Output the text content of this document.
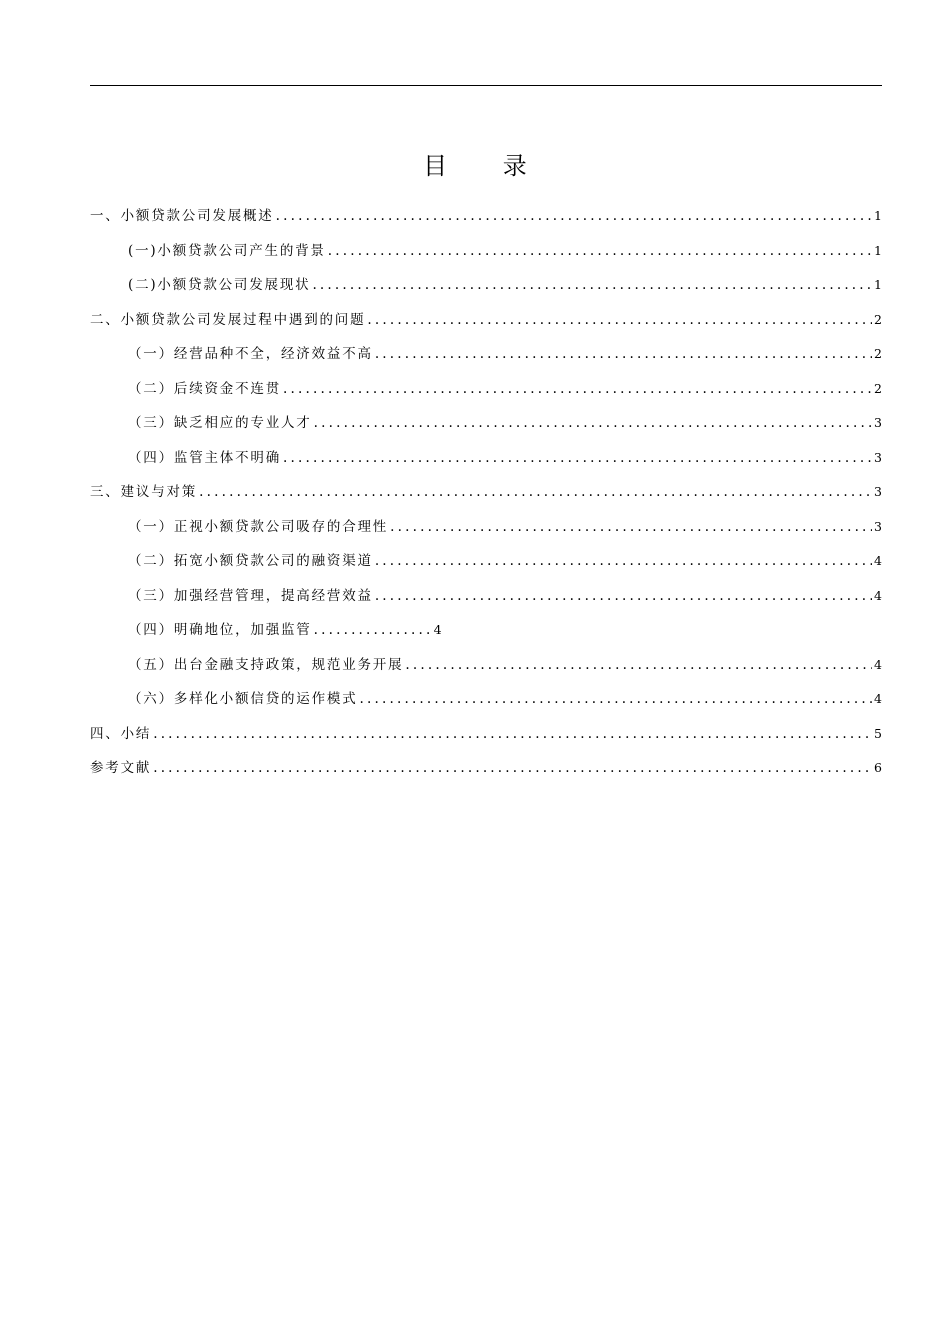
目 录
一、小额贷款公司发展概述 .....	1
(一)小额贷款公司产生的背景 .....	1
(二)小额贷款公司发展现状 .....	1
二、小额贷款公司发展过程中遇到的问题 .....	2
（一）经营品种不全，经济效益不高 .....	2
（二）后续资金不连贯 .....	2
（三）缺乏相应的专业人才 .....	3
（四）监管主体不明确 .....	3
三、建议与对策 .....	3
（一）正视小额贷款公司吸存的合理性 .....	3
（二）拓宽小额贷款公司的融资渠道 .....	4
（三）加强经营管理，提高经营效益 .....	4
（四）明确地位，加强监管 .....	4
（五）出台金融支持政策，规范业务开展 .....	4
（六）多样化小额信贷的运作模式 .....	4
四、小结 .....	5
参考文献 .....	6
